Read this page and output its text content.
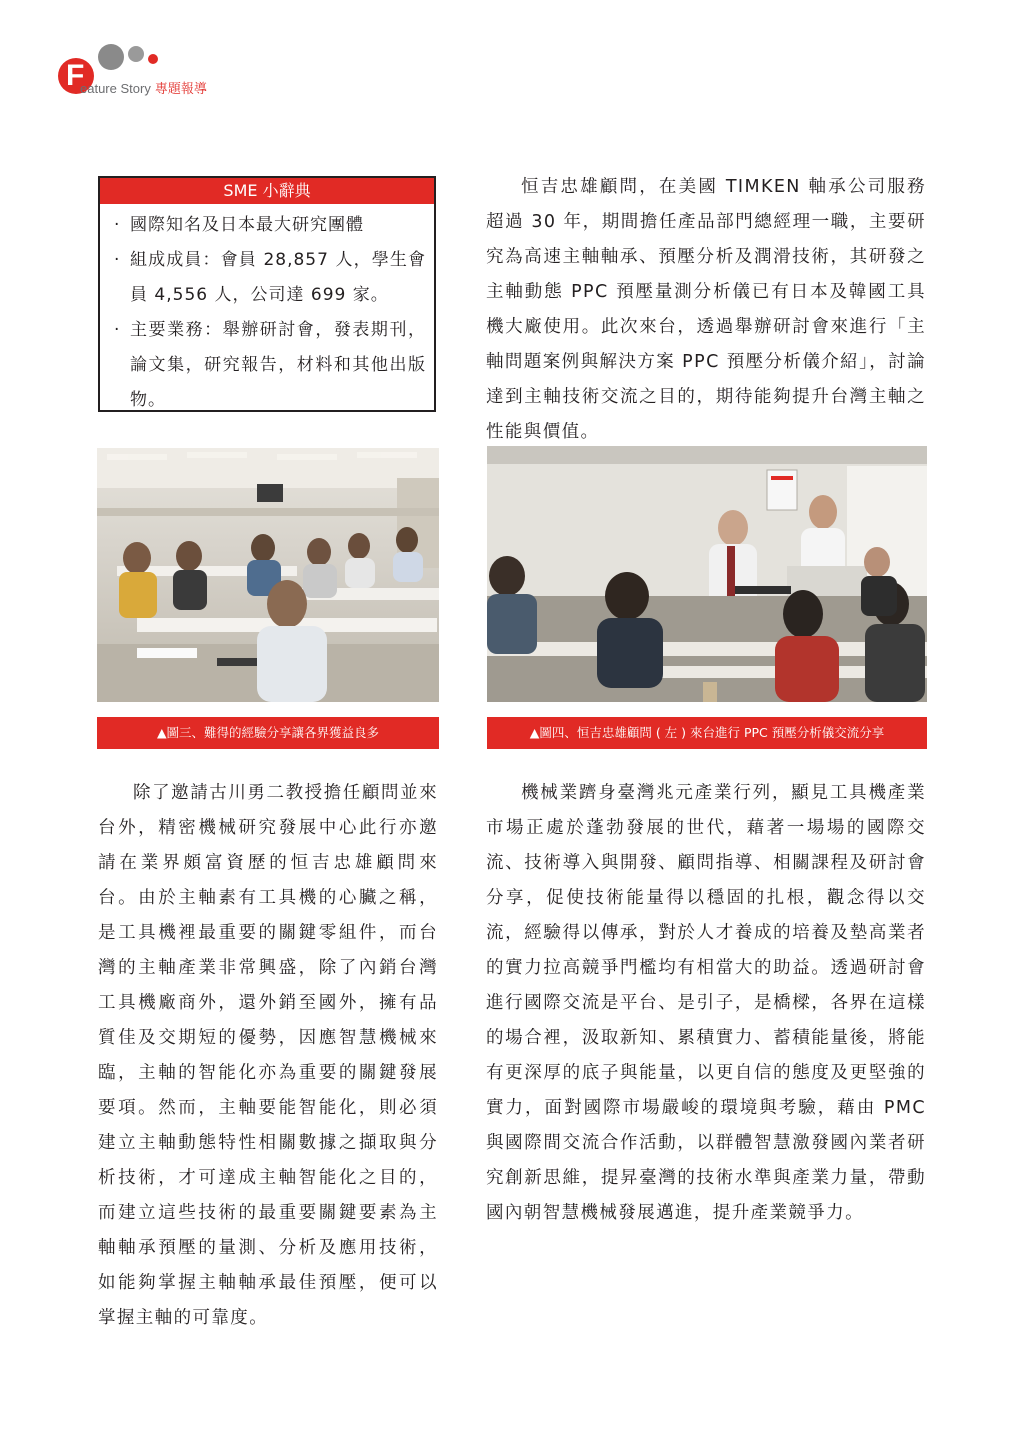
F
eature Story 專題報導
SME 小辭典
· 國際知名及日本最大研究團體
· 組成成員：會員 28,857 人，學生會員 4,556 人，公司達 699 家。
· 主要業務：舉辦研討會，發表期刊，論文集，研究報告，材料和其他出版物。

恒吉忠雄顧問，在美國 TIMKEN 軸承公司服務超過 30 年，期間擔任產品部門總經理一職，主要研究為高速主軸軸承、預壓分析及潤滑技術，其研發之主軸動態 PPC 預壓量測分析儀已有日本及韓國工具機大廠使用。此次來台，透過舉辦研討會來進行「主軸問題案例與解決方案 PPC 預壓分析儀介紹」，討論達到主軸技術交流之目的，期待能夠提升台灣主軸之性能與價值。

▲圖三、難得的經驗分享讓各界獲益良多	▲圖四、恒吉忠雄顧問 ( 左 ) 來台進行 PPC 預壓分析儀交流分享

除了邀請古川勇二教授擔任顧問並來台外，精密機械研究發展中心此行亦邀請在業界頗富資歷的恒吉忠雄顧問來台。由於主軸素有工具機的心臟之稱，是工具機裡最重要的關鍵零組件，而台灣的主軸產業非常興盛，除了內銷台灣工具機廠商外，還外銷至國外，擁有品質佳及交期短的優勢，因應智慧機械來臨，主軸的智能化亦為重要的關鍵發展要項。然而，主軸要能智能化，則必須建立主軸動態特性相關數據之擷取與分析技術，才可達成主軸智能化之目的，而建立這些技術的最重要關鍵要素為主軸軸承預壓的量測、分析及應用技術，如能夠掌握主軸軸承最佳預壓，便可以掌握主軸的可靠度。

機械業躋身臺灣兆元產業行列，顯見工具機產業市場正處於蓬勃發展的世代，藉著一場場的國際交流、技術導入與開發、顧問指導、相關課程及研討會分享，促使技術能量得以穩固的扎根，觀念得以交流，經驗得以傳承，對於人才養成的培養及墊高業者的實力拉高競爭門檻均有相當大的助益。透過研討會進行國際交流是平台、是引子，是橋樑，各界在這樣的場合裡，汲取新知、累積實力、蓄積能量後，將能有更深厚的底子與能量，以更自信的態度及更堅強的實力，面對國際市場嚴峻的環境與考驗，藉由 PMC 與國際間交流合作活動，以群體智慧激發國內業者研究創新思維，提昇臺灣的技術水準與產業力量，帶動國內朝智慧機械發展邁進，提升產業競爭力。
